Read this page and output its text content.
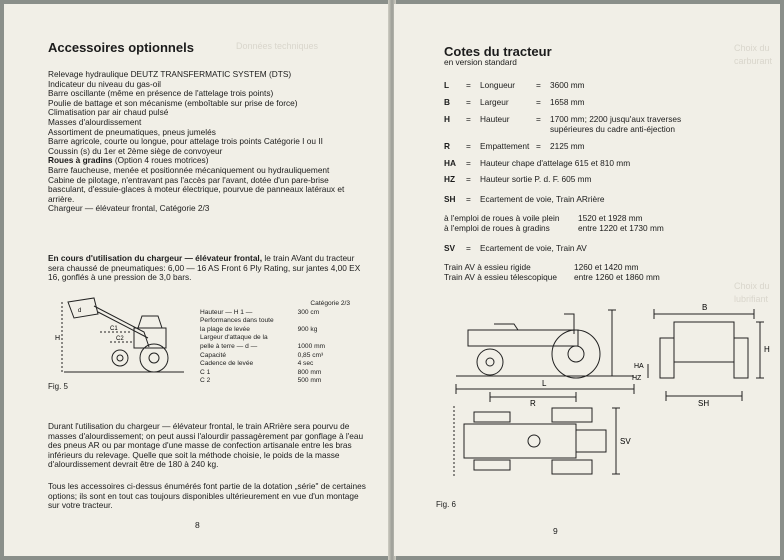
Données techniques
Accessoires optionnels

Relevage hydraulique DEUTZ TRANSFERMATIC SYSTEM (DTS)

Indicateur du niveau du gas-oil

Barre oscillante (même en présence de l'attelage trois points)

Poulie de battage et son mécanisme (emboîtable sur prise de force)

Climatisation par air chaud pulsé

Masses d'alourdissement

Assortiment de pneumatiques, pneus jumelés

Barre agricole, courte ou longue, pour attelage trois points Catégorie I ou II

Coussin (s) du 1er et 2ème siège de convoyeur

Roues à gradins (Option 4 roues motrices)

Barre faucheuse, menée et positionnée mécaniquement ou hydrauliquement

Cabine de pilotage, n'entravant pas l'accès par l'avant, dotée d'un pare-brise basculant, d'essuie-glaces à moteur électrique, pourvue de panneaux latéraux et arrière.

Chargeur — élévateur frontal, Catégorie 2/3

En cours d'utilisation du chargeur — élévateur frontal, le train AVant du tracteur sera chaussé de pneumatiques: 6,00 — 16 AS Front 6 Ply Rating, sur jantes 4,00 EX 16, gonflés à une pression de 3,0 bars.

H
C1
C2
d
	Catégorie 2/3
Hauteur — H 1 —	300 cm
Performances dans toute	
la plage de levée	900 kg
Largeur d'attaque de la	
pelle à terre — d —	1000 mm
Capacité	0,85 cm³
Cadence de levée	4 sec
C 1	800 mm
C 2	500 mm
Fig. 5
Durant l'utilisation du chargeur — élévateur frontal, le train ARrière sera pourvu de masses d'alourdissement; on peut aussi l'alourdir passagèrement par gonflage à l'eau des pneus AR ou par montage d'une masse de confection artisanale entre les bras inférieurs du relevage. Quelle que soit la méthode choisie, le poids de la masse d'alourdissement devrait être de 180 à 240 kg.
Tous les accessoires ci-dessus énumérés font partie de la dotation „série" de certaines options; ils sont en tout cas toujours disponibles ultérieurement en vue d'un montage sur votre tracteur.
8
Choix du carburant
Choix du lubrifiant
Cotes du tracteur
en version standard
L = Longueur	= 3600 mm
B = Largeur	= 1658 mm
H = Hauteur	= 1700 mm; 2200 jusqu'aux traverses supérieures du cadre anti-éjection
R = Empattement = 2125 mm
HA = Hauteur chape d'attelage 615 et 810 mm
HZ = Hauteur sortie P. d. F. 605 mm
SH = Ecartement de voie, Train ARrière
à l'emploi de roues à voile plein 1520 et 1928 mm
à l'emploi de roues à gradins	entre 1220 et 1730 mm
SV = Ecartement de voie, Train AV
Train AV à essieu rigide	1260 et 1420 mm
Train AV à essieu télescopique entre 1260 et 1860 mm
L
R
B
H
SH
SV
HA
HZ
Fig. 6
9
